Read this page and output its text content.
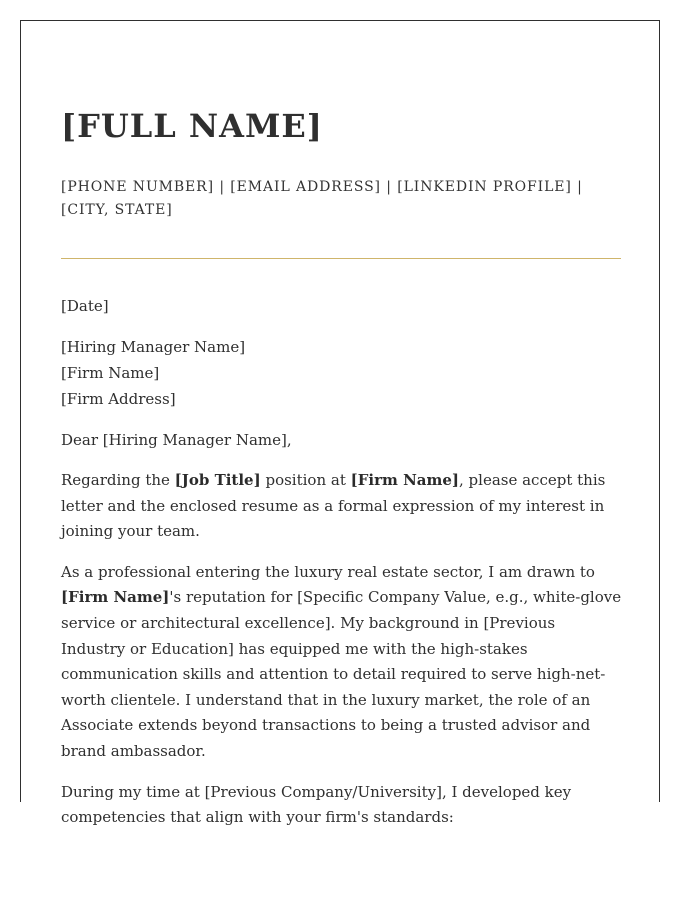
[FULL NAME]
[PHONE NUMBER] | [EMAIL ADDRESS] | [LINKEDIN PROFILE] | [CITY, STATE]
[Date]
[Hiring Manager Name]
[Firm Name]
[Firm Address]
Dear [Hiring Manager Name],

Regarding the [Job Title] position at [Firm Name], please accept this letter and the enclosed resume as a formal expression of my interest in joining your team.

As a professional entering the luxury real estate sector, I am drawn to [Firm Name]'s reputation for [Specific Company Value, e.g., white-glove service or architectural excellence]. My background in [Previous Industry or Education] has equipped me with the high-stakes communication skills and attention to detail required to serve high-net-worth clientele. I understand that in the luxury market, the role of an Associate extends beyond transactions to being a trusted advisor and brand ambassador.

During my time at [Previous Company/University], I developed key competencies that align with your firm's standards:
